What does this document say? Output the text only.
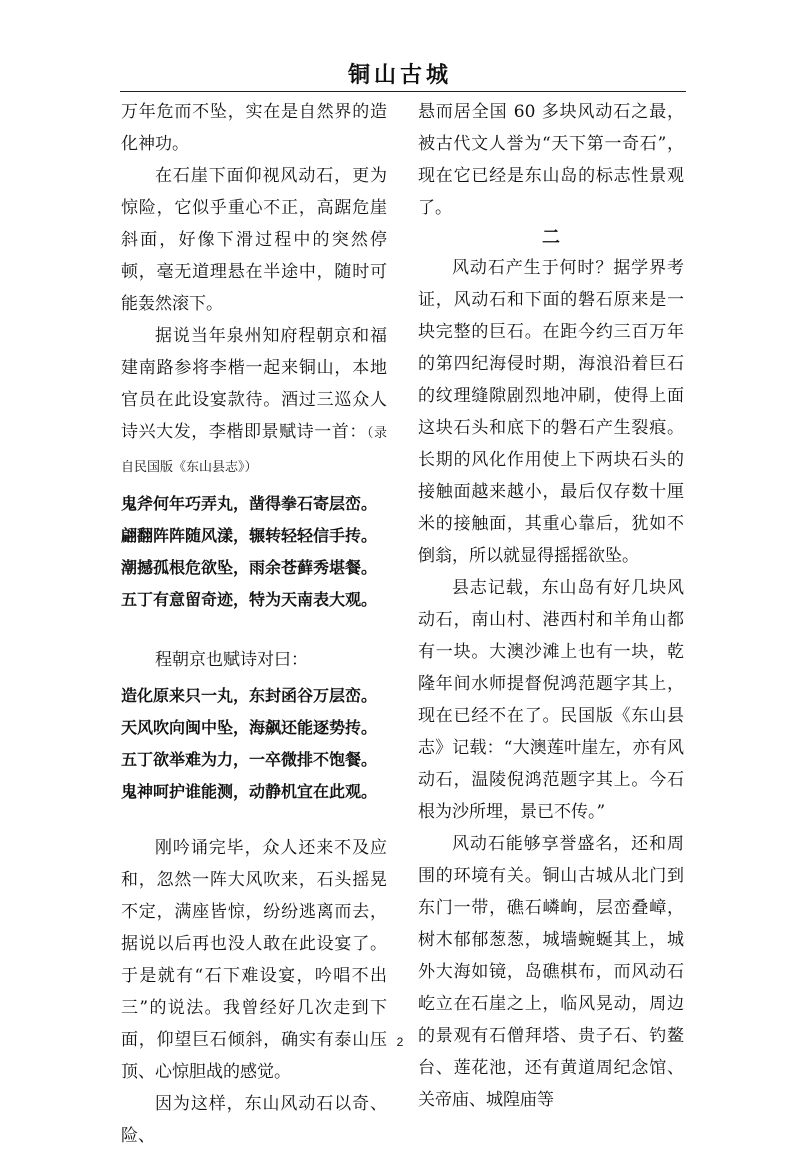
铜山古城

万年危而不坠，实在是自然界的造化神功。

在石崖下面仰视风动石，更为惊险，它似乎重心不正，高踞危崖斜面，好像下滑过程中的突然停顿，毫无道理悬在半途中，随时可能轰然滚下。

据说当年泉州知府程朝京和福建南路参将李楷一起来铜山，本地官员在此设宴款待。酒过三巡众人诗兴大发，李楷即景赋诗一首：（录自民国版《东山县志》）

鬼斧何年巧弄丸，凿得拳石寄层峦。
翩翻阵阵随风漾，辗转轻轻信手抟。
潮撼孤根危欲坠，雨余苍藓秀堪餐。
五丁有意留奇迹，特为天南表大观。

程朝京也赋诗对曰：

造化原来只一丸，东封函谷万层峦。
天风吹向闽中坠，海飙还能逐势抟。
五丁欲举难为力，一卒微排不饱餐。
鬼神呵护谁能测，动静机宜在此观。

刚吟诵完毕，众人还来不及应和，忽然一阵大风吹来，石头摇晃不定，满座皆惊，纷纷逃离而去，据说以后再也没人敢在此设宴了。于是就有“石下难设宴，吟唱不出三”的说法。我曾经好几次走到下面，仰望巨石倾斜，确实有泰山压顶、心惊胆战的感觉。

因为这样，东山风动石以奇、险、

悬而居全国 60 多块风动石之最，被古代文人誉为“天下第一奇石”，现在它已经是东山岛的标志性景观了。

二

风动石产生于何时？据学界考证，风动石和下面的磐石原来是一块完整的巨石。在距今约三百万年的第四纪海侵时期，海浪沿着巨石的纹理缝隙剧烈地冲刷，使得上面这块石头和底下的磐石产生裂痕。长期的风化作用使上下两块石头的接触面越来越小，最后仅存数十厘米的接触面，其重心靠后，犹如不倒翁，所以就显得摇摇欲坠。

县志记载，东山岛有好几块风动石，南山村、港西村和羊角山都有一块。大澳沙滩上也有一块，乾隆年间水师提督倪鸿范题字其上，现在已经不在了。民国版《东山县志》记载：“大澳莲叶崖左，亦有风动石，温陵倪鸿范题字其上。今石根为沙所埋，景已不传。”

风动石能够享誉盛名，还和周围的环境有关。铜山古城从北门到东门一带，礁石嶙峋，层峦叠嶂，树木郁郁葱葱，城墙蜿蜒其上，城外大海如镜，岛礁棋布，而风动石屹立在石崖之上，临风晃动，周边的景观有石僧拜塔、贵子石、钓鳌台、莲花池，还有黄道周纪念馆、关帝庙、城隍庙等

2
